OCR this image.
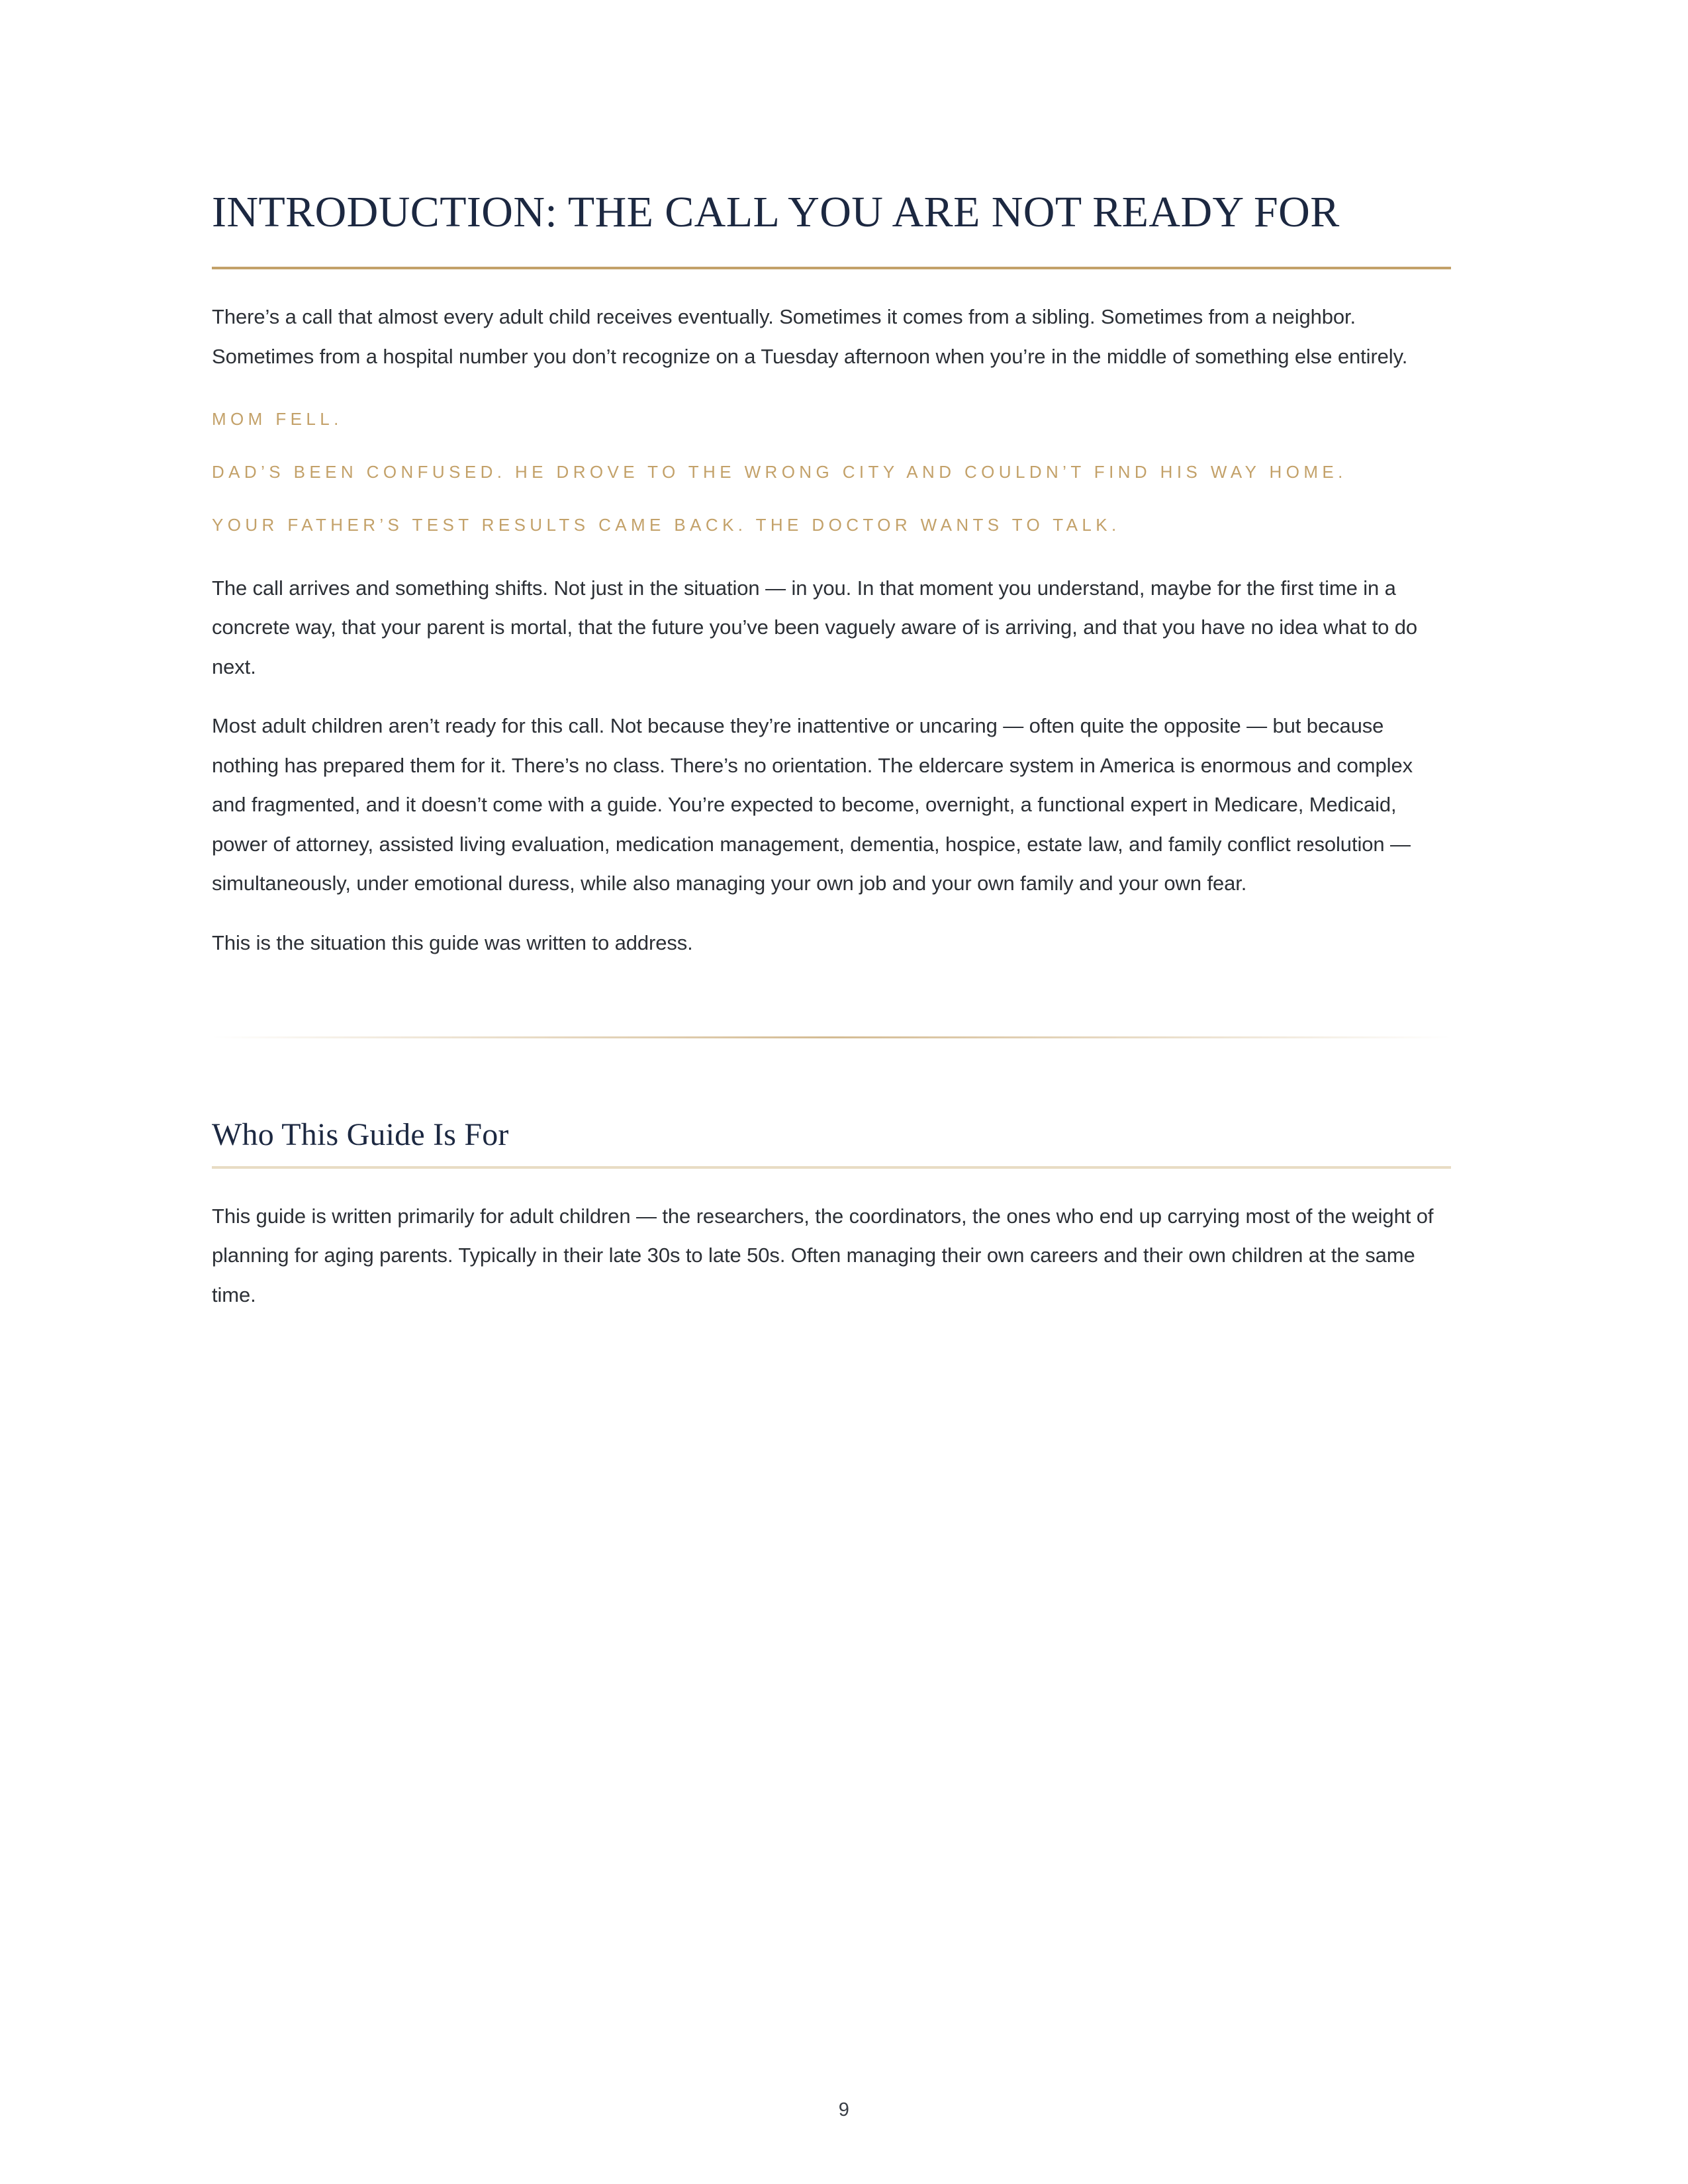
INTRODUCTION: THE CALL YOU ARE NOT READY FOR

There’s a call that almost every adult child receives eventually. Sometimes it comes from a sibling. Sometimes from a neighbor. Sometimes from a hospital number you don’t recognize on a Tuesday afternoon when you’re in the middle of something else entirely.

MOM FELL.

DAD’S BEEN CONFUSED. HE DROVE TO THE WRONG CITY AND COULDN’T FIND HIS WAY HOME.

YOUR FATHER’S TEST RESULTS CAME BACK. THE DOCTOR WANTS TO TALK.

The call arrives and something shifts. Not just in the situation — in you. In that moment you understand, maybe for the first time in a concrete way, that your parent is mortal, that the future you’ve been vaguely aware of is arriving, and that you have no idea what to do next.

Most adult children aren’t ready for this call. Not because they’re inattentive or uncaring — often quite the opposite — but because nothing has prepared them for it. There’s no class. There’s no orientation. The eldercare system in America is enormous and complex and fragmented, and it doesn’t come with a guide. You’re expected to become, overnight, a functional expert in Medicare, Medicaid, power of attorney, assisted living evaluation, medication management, dementia, hospice, estate law, and family conflict resolution — simultaneously, under emotional duress, while also managing your own job and your own family and your own fear.

This is the situation this guide was written to address.

Who This Guide Is For

This guide is written primarily for adult children — the researchers, the coordinators, the ones who end up carrying most of the weight of planning for aging parents. Typically in their late 30s to late 50s. Often managing their own careers and their own children at the same time.

9
